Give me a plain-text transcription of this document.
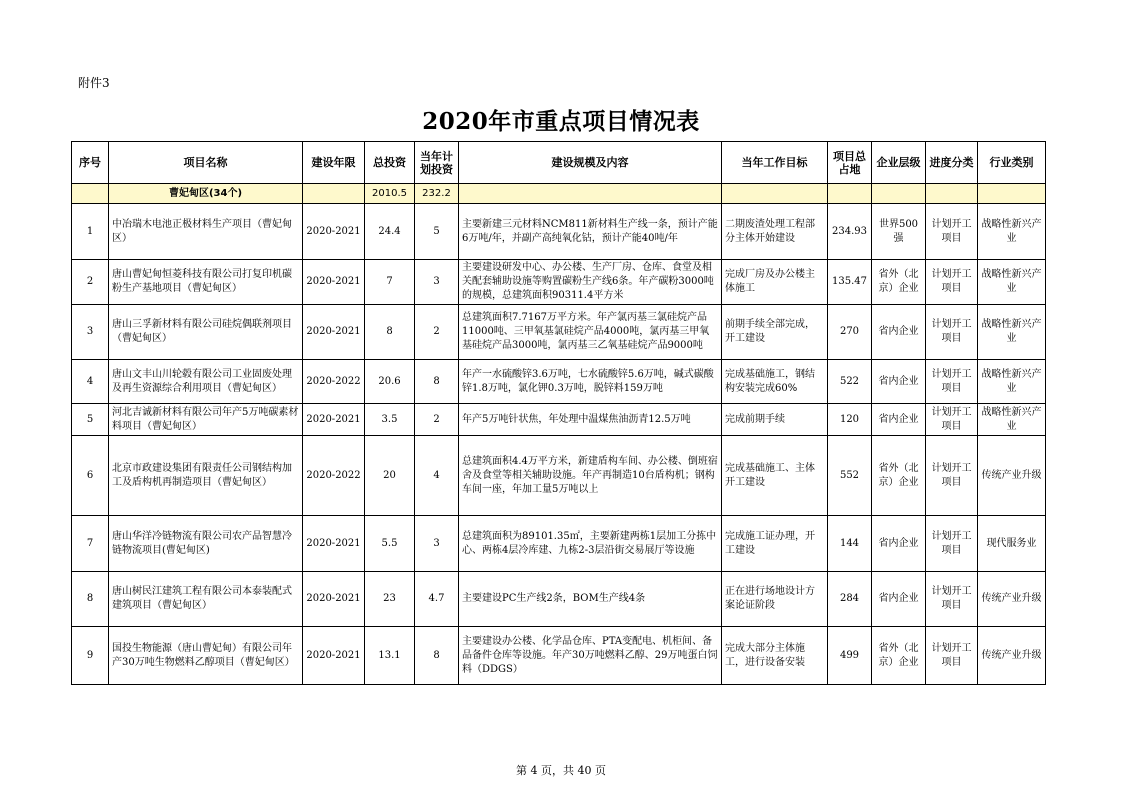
附件3
2020年市重点项目情况表
序号	项目名称	建设年限	总投资	当年计划投资	建设规模及内容	当年工作目标	项目总占地	企业层级	进度分类	行业类别
	曹妃甸区(34个)		2010.5	232.2						
1	中冶瑞木电池正极材料生产项目（曹妃甸区）	2020-2021	24.4	5	主要新建三元材料NCM811新材料生产线一条，预计产能6万吨/年，并副产高纯氧化钴，预计产能40吨/年	二期废渣处理工程部分主体开始建设	234.93	世界500强	计划开工项目	战略性新兴产业
2	唐山曹妃甸恒菱科技有限公司打复印机碳粉生产基地项目（曹妃甸区）	2020-2021	7	3	主要建设研发中心、办公楼、生产厂房、仓库、食堂及相关配套辅助设施等购置碳粉生产线6条。年产碳粉3000吨的规模，总建筑面积90311.4平方米	完成厂房及办公楼主体施工	135.47	省外（北京）企业	计划开工项目	战略性新兴产业
3	唐山三孚新材料有限公司硅烷偶联剂项目（曹妃甸区）	2020-2021	8	2	总建筑面积7.7167万平方米。年产氯丙基三氯硅烷产品11000吨、三甲氧基氯硅烷产品4000吨，氯丙基三甲氧基硅烷产品3000吨，氯丙基三乙氧基硅烷产品9000吨	前期手续全部完成，开工建设	270	省内企业	计划开工项目	战略性新兴产业
4	唐山文丰山川轮毂有限公司工业固废处理及再生资源综合利用项目（曹妃甸区）	2020-2022	20.6	8	年产一水硫酸锌3.6万吨，七水硫酸锌5.6万吨，碱式碳酸锌1.8万吨，氯化钾0.3万吨，脱锌料159万吨	完成基础施工，钢结构安装完成60%	522	省内企业	计划开工项目	战略性新兴产业
5	河北吉诚新材料有限公司年产5万吨碳素材料项目（曹妃甸区）	2020-2021	3.5	2	年产5万吨针状焦，年处理中温煤焦油沥青12.5万吨	完成前期手续	120	省内企业	计划开工项目	战略性新兴产业
6	北京市政建设集团有限责任公司钢结构加工及盾构机再制造项目（曹妃甸区）	2020-2022	20	4	总建筑面积4.4万平方米，新建盾构车间、办公楼、倒班宿舍及食堂等相关辅助设施。年产再制造10台盾构机；钢构车间一座，年加工量5万吨以上	完成基础施工、主体开工建设	552	省外（北京）企业	计划开工项目	传统产业升级
7	唐山华洋冷链物流有限公司农产品智慧冷链物流项目(曹妃甸区)	2020-2021	5.5	3	总建筑面积为89101.35㎡，主要新建两栋1层加工分拣中心、两栋4层冷库建、九栋2-3层沿街交易展厅等设施	完成施工证办理，开工建设	144	省内企业	计划开工项目	现代服务业
8	唐山树民江建筑工程有限公司本泰装配式建筑项目（曹妃甸区）	2020-2021	23	4.7	主要建设PC生产线2条，BOM生产线4条	正在进行场地设计方案论证阶段	284	省内企业	计划开工项目	传统产业升级
9	国投生物能源（唐山曹妃甸）有限公司年产30万吨生物燃料乙醇项目（曹妃甸区）	2020-2021	13.1	8	主要建设办公楼、化学品仓库、PTA变配电、机柜间、备品备件仓库等设施。年产30万吨燃料乙醇、29万吨蛋白饲料（DDGS）	完成大部分主体施工，进行设备安装	499	省外（北京）企业	计划开工项目	传统产业升级
第 4 页，共 40 页
